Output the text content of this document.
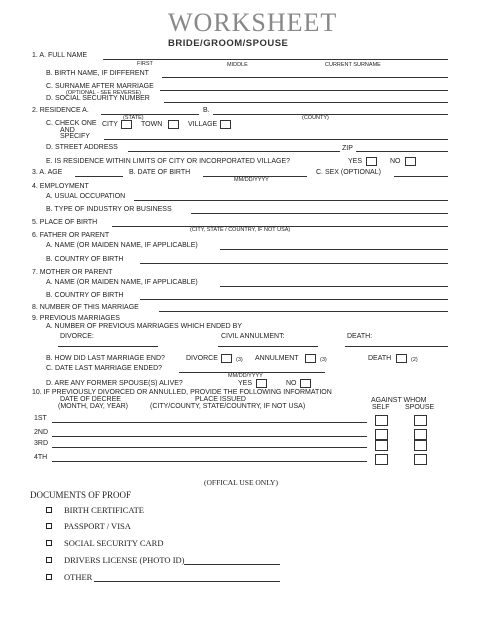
WORKSHEET
BRIDE/GROOM/SPOUSE
1. A. FULL NAME
FIRST	MIDDLE	CURRENT SURNAME
B. BIRTH NAME, IF DIFFERENT
C. SURNAME AFTER MARRIAGE
(OPTIONAL - SEE REVERSE)
D. SOCIAL SECURITY NUMBER
2. RESIDENCE A.	B.
(STATE)	(COUNTY)
C. CHECK ONE
AND
SPECIFY
CITY	TOWN	VILLAGE
D. STREET ADDRESS	ZIP
E. IS RESIDENCE WITHIN LIMITS OF CITY OR INCORPORATED VILLAGE?	YES	NO
3. A. AGE	B. DATE OF BIRTH
MM/DD/YYYY
C. SEX (OPTIONAL)
4. EMPLOYMENT
A. USUAL OCCUPATION
B. TYPE OF INDUSTRY OR BUSINESS
5. PLACE OF BIRTH
(CITY, STATE / COUNTRY, IF NOT USA)
6. FATHER OR PARENT
A. NAME (OR MAIDEN NAME, IF APPLICABLE)
B. COUNTRY OF BIRTH
7. MOTHER OR PARENT
A. NAME (OR MAIDEN NAME, IF APPLICABLE)
B. COUNTRY OF BIRTH
8. NUMBER OF THIS MARRIAGE
9. PREVIOUS MARRIAGES
A. NUMBER OF PREVIOUS MARRIAGES WHICH ENDED BY
DIVORCE:	CIVIL ANNULMENT:	DEATH:
B. HOW DID LAST MARRIAGE END?	DIVORCE	(3) ANNULMENT	(3)	DEATH	(2)
C. DATE LAST MARRIAGE ENDED?
MM/DD/YYYY
D. ARE ANY FORMER SPOUSE(S) ALIVE?	YES	NO
10. IF PREVIOUSLY DIVORCED OR ANNULLED, PROVIDE THE FOLLOWING INFORMATION
DATE OF DECREE	PLACE ISSUED	AGAINST WHOM
(MONTH, DAY, YEAR)	(CITY/COUNTY, STATE/COUNTRY, IF NOT USA)	SELF SPOUSE
1ST
2ND
3RD
4TH
(OFFICAL USE ONLY)
DOCUMENTS OF PROOF
BIRTH CERTIFICATE
PASSPORT / VISA
SOCIAL SECURITY CARD
DRIVERS LICENSE (PHOTO ID)
OTHER
